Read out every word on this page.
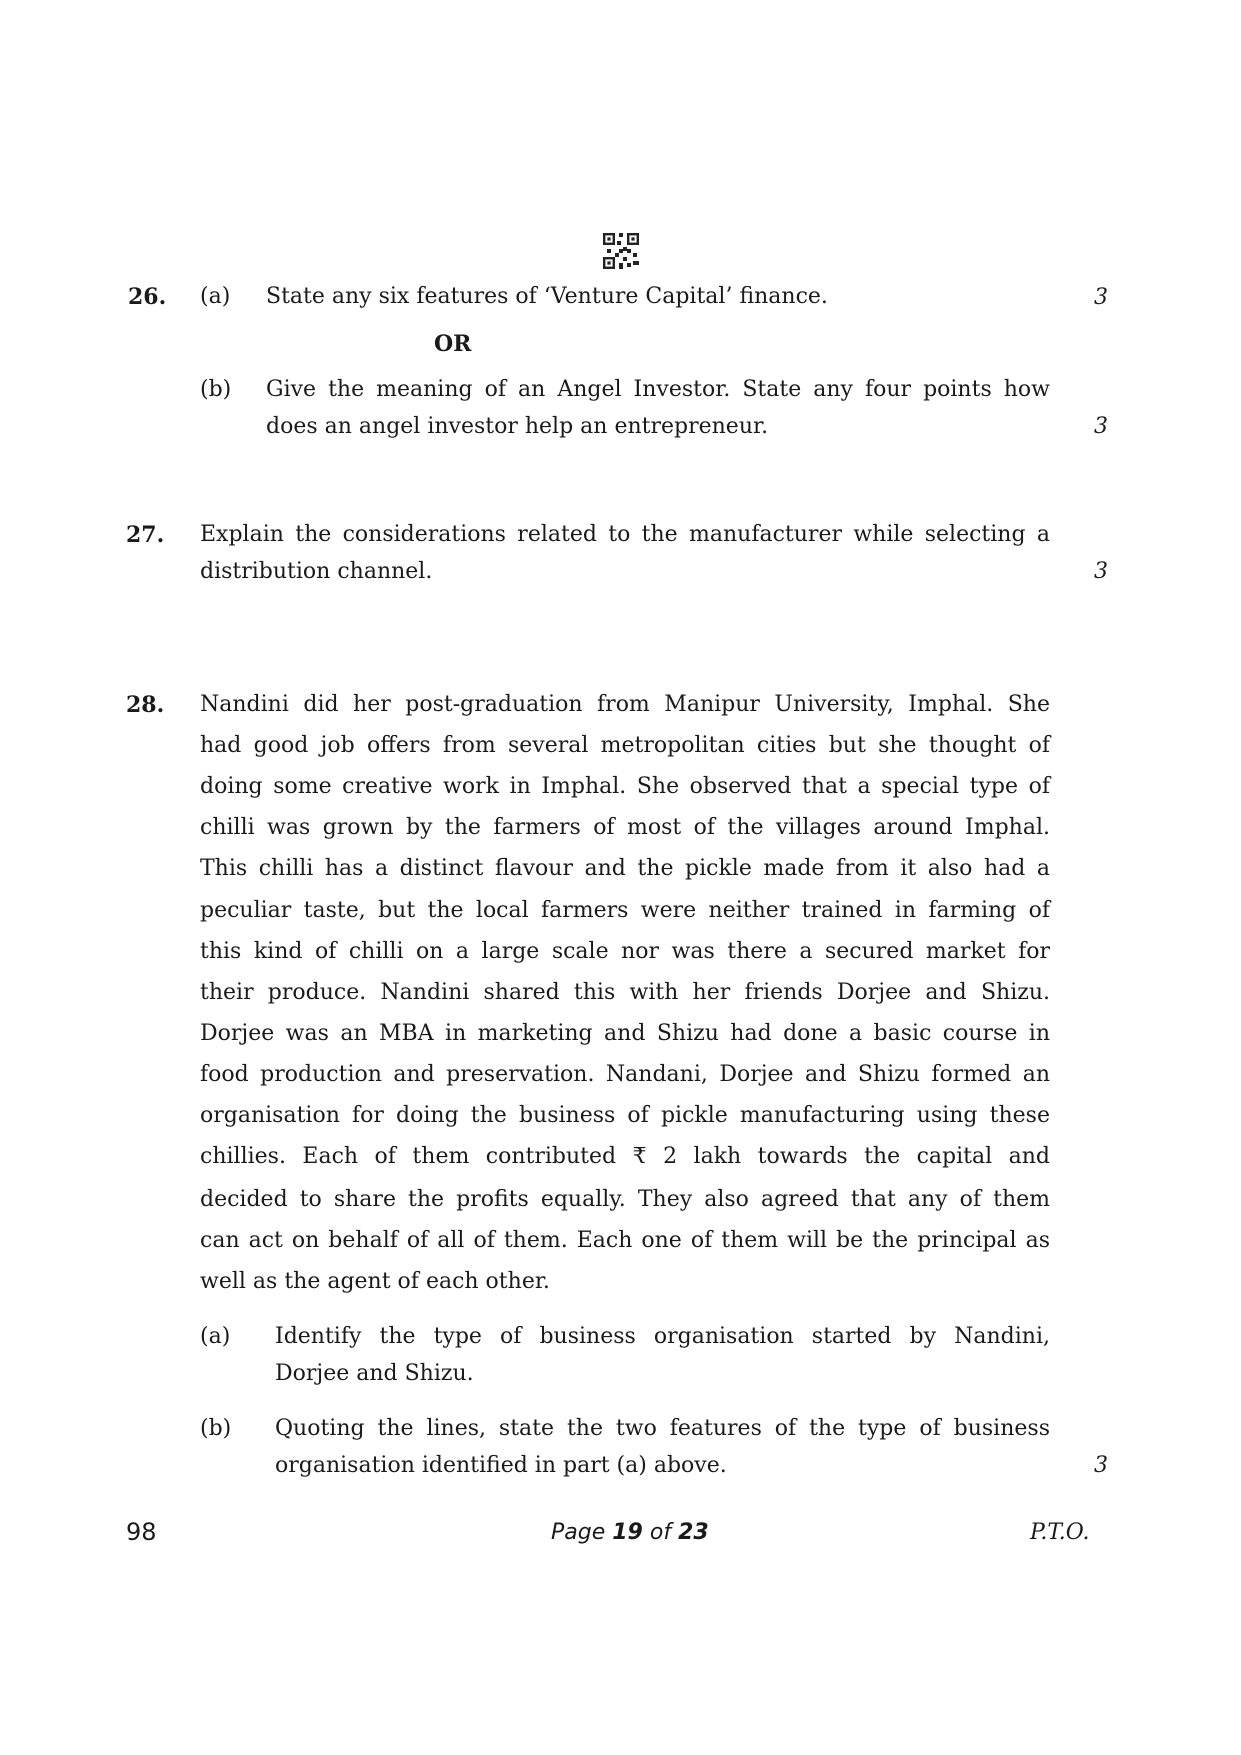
26. (a) State any six features of ‘Venture Capital’ finance.	3
OR
(b) Give the meaning of an Angel Investor. State any four points how
does an angel investor help an entrepreneur.	3
27. Explain the considerations related to the manufacturer while selecting a
distribution channel.	3
28. Nandini did her post-graduation from Manipur University, Imphal. She
had good job offers from several metropolitan cities but she thought of
doing some creative work in Imphal. She observed that a special type of
chilli was grown by the farmers of most of the villages around Imphal.
This chilli has a distinct flavour and the pickle made from it also had a
peculiar taste, but the local farmers were neither trained in farming of
this kind of chilli on a large scale nor was there a secured market for
their produce. Nandini shared this with her friends Dorjee and Shizu.
Dorjee was an MBA in marketing and Shizu had done a basic course in
food production and preservation. Nandani, Dorjee and Shizu formed an
organisation for doing the business of pickle manufacturing using these
chillies. Each of them contributed ₹ 2 lakh towards the capital and
decided to share the profits equally. They also agreed that any of them
can act on behalf of all of them. Each one of them will be the principal as
well as the agent of each other.
(a) Identify the type of business organisation started by Nandini,
Dorjee and Shizu.
(b) Quoting the lines, state the two features of the type of business
organisation identified in part (a) above.	3
98	Page 19 of 23	P.T.O.
